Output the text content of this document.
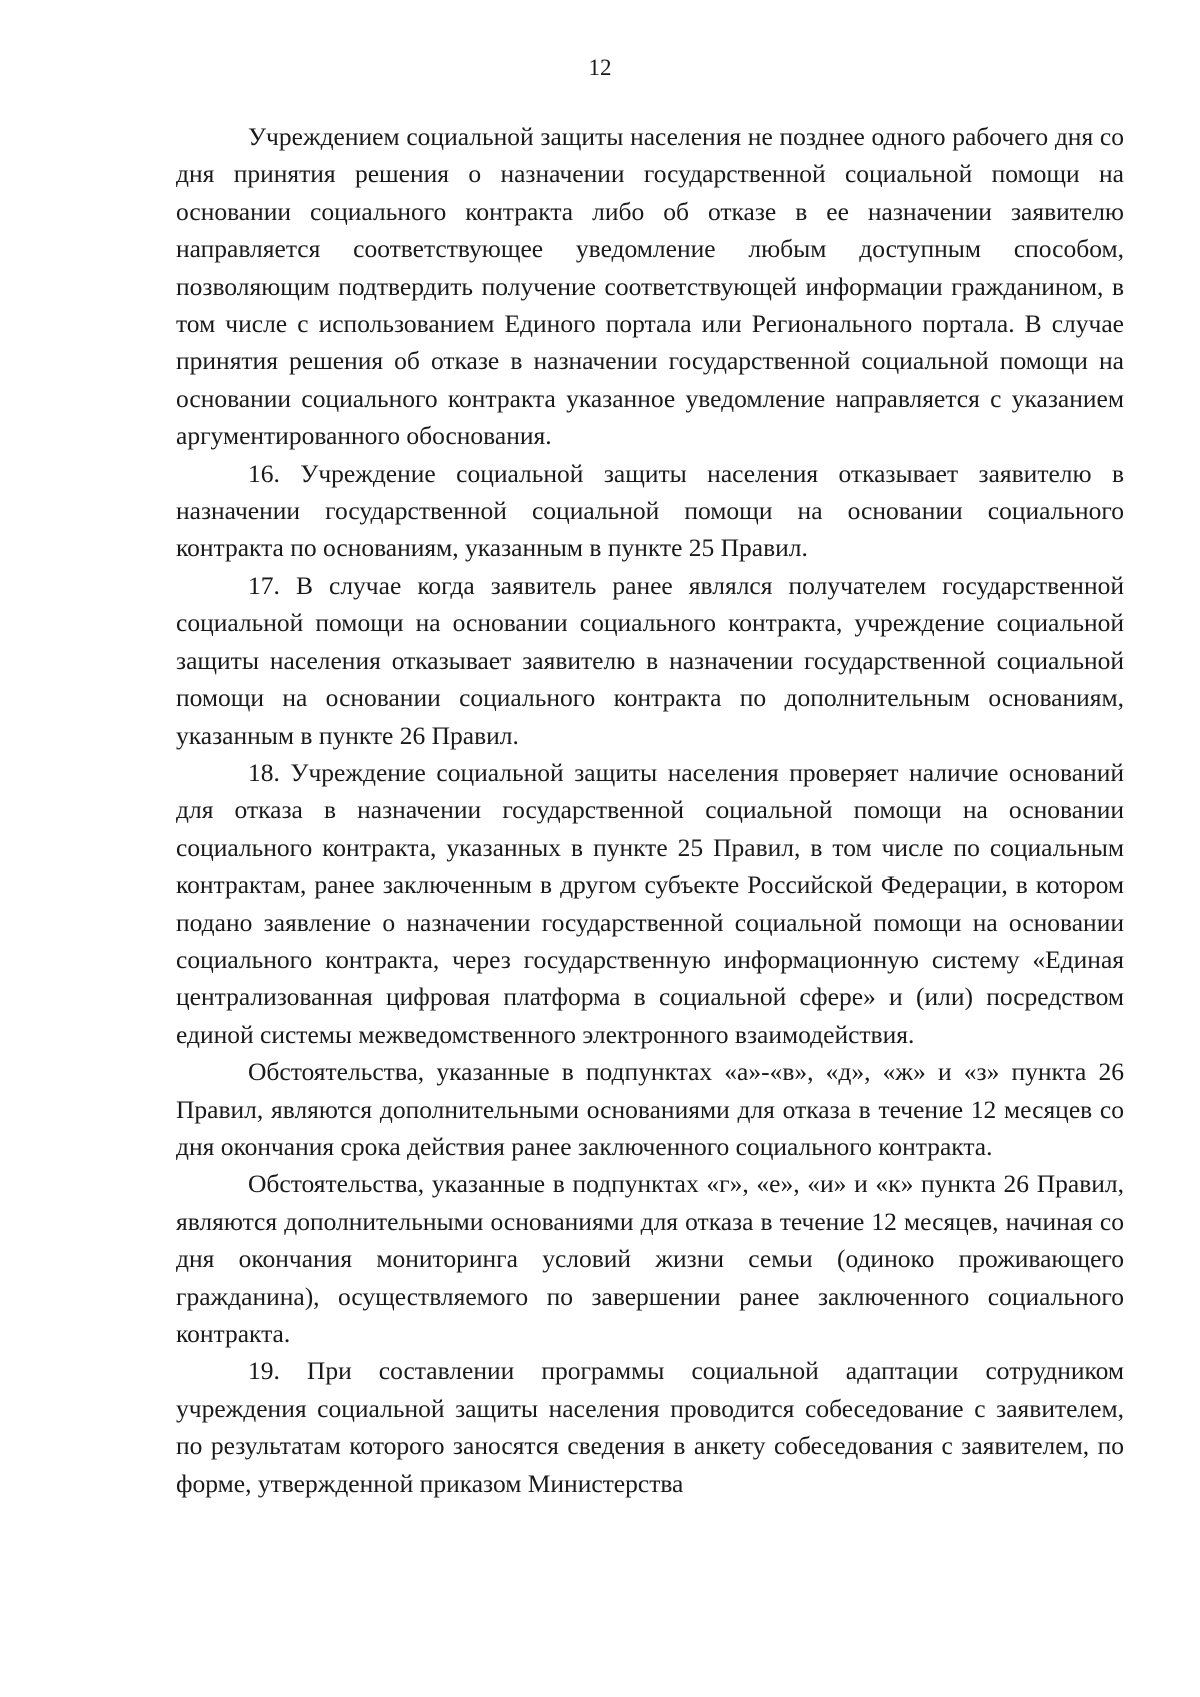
12

Учреждением социальной защиты населения не позднее одного рабочего дня со дня принятия решения о назначении государственной социальной помощи на основании социального контракта либо об отказе в ее назначении заявителю направляется соответствующее уведомление любым доступным способом, позволяющим подтвердить получение соответствующей информации гражданином, в том числе с использованием Единого портала или Регионального портала. В случае принятия решения об отказе в назначении государственной социальной помощи на основании социального контракта указанное уведомление направляется с указанием аргументированного обоснования.

16. Учреждение социальной защиты населения отказывает заявителю в назначении государственной социальной помощи на основании социального контракта по основаниям, указанным в пункте 25 Правил.

17. В случае когда заявитель ранее являлся получателем государственной социальной помощи на основании социального контракта, учреждение социальной защиты населения отказывает заявителю в назначении государственной социальной помощи на основании социального контракта по дополнительным основаниям, указанным в пункте 26 Правил.

18. Учреждение социальной защиты населения проверяет наличие оснований для отказа в назначении государственной социальной помощи на основании социального контракта, указанных в пункте 25 Правил, в том числе по социальным контрактам, ранее заключенным в другом субъекте Российской Федерации, в котором подано заявление о назначении государственной социальной помощи на основании социального контракта, через государственную информационную систему «Единая централизованная цифровая платформа в социальной сфере» и (или) посредством единой системы межведомственного электронного взаимодействия.

Обстоятельства, указанные в подпунктах «а»-«в», «д», «ж» и «з» пункта 26 Правил, являются дополнительными основаниями для отказа в течение 12 месяцев со дня окончания срока действия ранее заключенного социального контракта.

Обстоятельства, указанные в подпунктах «г», «е», «и» и «к» пункта 26 Правил, являются дополнительными основаниями для отказа в течение 12 месяцев, начиная со дня окончания мониторинга условий жизни семьи (одиноко проживающего гражданина), осуществляемого по завершении ранее заключенного социального контракта.

19. При составлении программы социальной адаптации сотрудником учреждения социальной защиты населения проводится собеседование с заявителем, по результатам которого заносятся сведения в анкету собеседования с заявителем, по форме, утвержденной приказом Министерства
